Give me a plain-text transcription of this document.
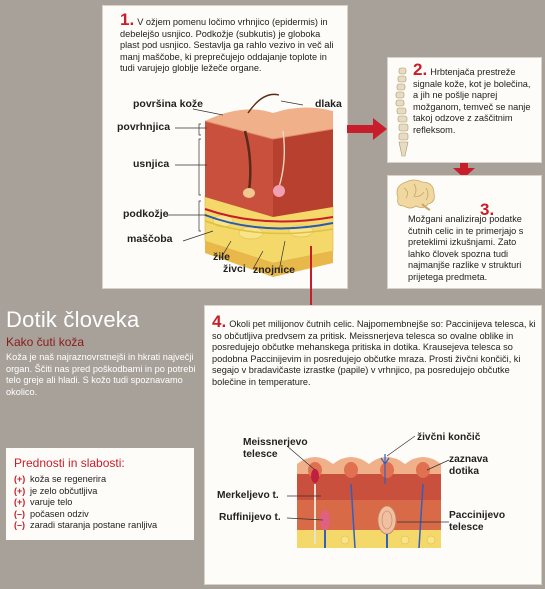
1. V ožjem pomenu ločimo vrhnjico (epidermis) in debelejšo usnjico. Podkožje (subkutis) je globoka plast pod usnjico. Sestavlja ga rahlo vezivo in več ali manj maščobe, ki preprečujejo oddajanje toplote in tudi varujejo globlje ležeče organe.
površina kože	dlaka
povrhnjica
usnjica
podkožje
maščoba
žile
živci znojnice
2. Hrbtenjača prestreže signale kože, kot je bolečina, a jih ne pošlje naprej možganom, temveč se nanje takoj odzove z zaščitnim refleksom.
3.
Možgani analizirajo podatke čutnih celic in te primerjajo s preteklimi izkušnjami. Zato lahko človek spozna tudi najmanjše razlike v strukturi prijetega predmeta.
4. Okoli pet milijonov čutnih celic. Najpomembnejše so: Paccinijeva telesca, ki so občutljiva predvsem za pritisk. Meissnerjeva telesca so ovalne oblike in posredujejo občutke mehanskega pritiska in dotika. Krausejeva telesca so podobna Paccinijevim in posredujejo občutke mraza. Prosti živčni končiči, ki segajo v bradavičaste izrastke (papile) v vrhnjico, pa posredujejo občutke bolečine in temperature.
Meissnerjevo telesce
živčni končič
zaznava dotika
Merkeljevo t.
Ruffinijevo t.	Paccinijevo telesce
Dotik človeka
Kako čuti koža
Koža je naš najraznovrstnejši in hkrati največji organ. Ščiti nas pred poškodbami in po potrebi telo greje ali hladi. S kožo tudi spoznavamo okolico.
Prednosti in slabosti:
(+) koža se regenerira
(+) je zelo občutljiva
(+) varuje telo
(–) počasen odziv
(–) zaradi staranja postane ranljiva
